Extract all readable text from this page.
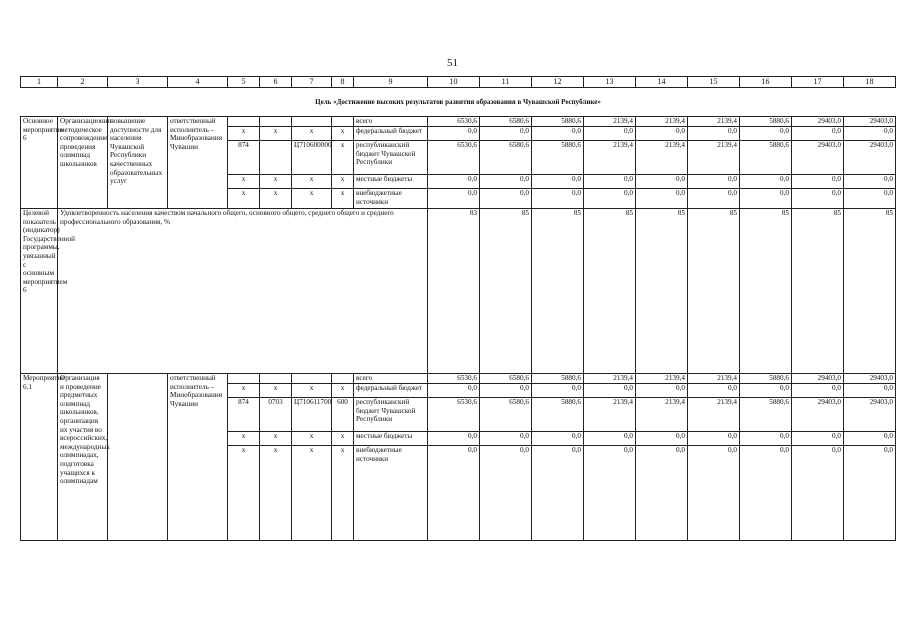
51
1	2	3	4	5	6	7	8	9	10	11	12	13	14	15	16	17	18
Цель «Достижение высоких результатов развития образования в Чувашской Республике»																	
Основное мероприятие 6	Организационно-методическое сопровождение проведения олимпиад школьников	повышение доступности для населения Чувашской Республики качественных образовательных услуг	ответственный исполнитель – Минобразования Чувашии					всего	6530,6	6580,6	5880,6	2139,4	2139,4	2139,4	5880,6	29403,0	29403,0
				x	x	x	x	федеральный бюджет	0,0	0,0	0,0	0,0	0,0	0,0	0,0	0,0	0,0
				874		Ц710600000	x	республиканский бюджет Чувашской Республики	6530,6	6580,6	5880,6	2139,4	2139,4	2139,4	5880,6	29403,0	29403,0
				x	x	x	x	местные бюджеты	0,0	0,0	0,0	0,0	0,0	0,0	0,0	0,0	0,0
				x	x	x	x	внебюджетные источники	0,0	0,0	0,0	0,0	0,0	0,0	0,0	0,0	0,0
Целевой показатель (индикатор) Государственной программы, увязанный с основным мероприятием 6	Удовлетворенность населения качеством начального общего, основного общего, среднего общего и среднего профессионального образования, %								83	85	85	85	85	85	85	85	85
Мероприятие 6.1	Организация и проведение предметных олимпиад школьников, организация их участия во всероссийских, международных олимпиадах, подготовка учащихся к олимпиадам		ответственный исполнитель – Минобразования Чувашии					всего	6530,6	6580,6	5880,6	2139,4	2139,4	2139,4	5880,6	29403,0	29403,0
				x	x	x	x	федеральный бюджет	0,0	0,0	0,0	0,0	0,0	0,0	0,0	0,0	0,0
				874	0703	Ц710611700	600	республиканский бюджет Чувашской Республики	6530,6	6580,6	5880,6	2139,4	2139,4	2139,4	5880,6	29403,0	29403,0
				x	x	x	x	местные бюджеты	0,0	0,0	0,0	0,0	0,0	0,0	0,0	0,0	0,0
				x	x	x	x	внебюджетные источники	0,0	0,0	0,0	0,0	0,0	0,0	0,0	0,0	0,0
